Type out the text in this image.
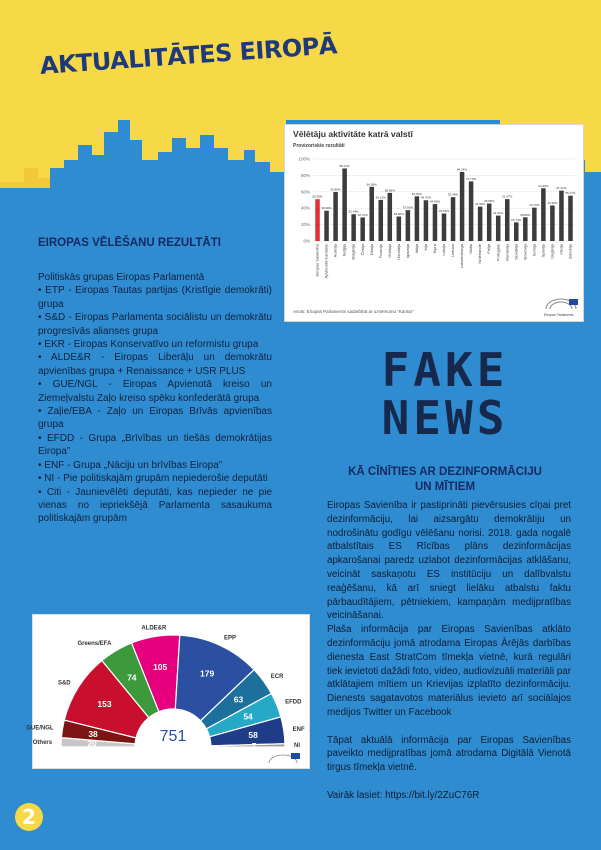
AKTUALITĀTES EIROPĀ
EIROPAS VĒLĒŠANU REZULTĀTI
Politiskās grupas Eiropas Parlamentā
• ETP - Eiropas Tautas partijas (Kristīgie demokrāti) grupa
• S&D - Eiropas Parlamenta sociālistu un demokrātu progresīvās alianses grupa
• EKR - Eiropas Konservatīvo un reformistu grupa
• ALDE&R - Eiropas Liberāļu un demokrātu apvienības grupa + Renaissance + USR PLUS
• GUE/NGL - Eiropas Apvienotā kreiso un Ziemeļvalstu Zaļo kreiso spēku konfederātā grupa
• Zaļie/EBA - Zaļo un Eiropas Brīvās apvienības grupa
• EFDD - Grupa „Brīvības un tiešās demokrātijas Eiropa”
• ENF - Grupa „Nāciju un brīvības Eiropa”
• NI - Pie politiskajām grupām nepiederošie deputāti
• Citi - Jaunievēlēti deputāti, kas nepieder ne pie vienas no iepriekšējā Parlamenta sasaukuma politiskajām grupām
Vēlētāju aktivitāte katrā valstī
Provizoriskie rezultāti
0%
20%
40%
60%
80%
100%
50.95%
Eiropas Savienība
36.90%
Apvienotā Karaliste
59.80%
Austrija
88.47%
Beļģija
32.64%
Bulgārija
28.72%
Čehija
66.08%
Dānija
50.12%
Francija
58.69%
Grieķija
29.86%
Horvātija
37.60%
Igaunija
54.50%
Itālija
49.70%
Īrija
44.99%
Kipra
33.53%
Latvija
53.48%
Lietuva
84.24%
Luksemburga
72.70%
Malta
41.93%
Nīderlande
45.68%
Polija
31.01%
Portugāle
51.07%
Rumānija
22.74%
Slovākija
28.89%
Slovēnija
40.70%
Somija
64.30%
Spānija
43.36%
Ungārija
61.41%
Vācija
55.27%
Zviedrija
Avots: Eiropas Parlaments sadarbībā ar uzņēmumu "Kantar"
Eiropas Parlaments
FAKE
NEWS
KĀ CĪNĪTIES AR DEZINFORMĀCIJU
UN MĪTIEM

Eiropas Savienība ir pastiprināti pievērsusies cīņai pret dezinformāciju, lai aizsargātu demokrātiju un nodrošinātu godīgu vēlēšanu norisi. 2018. gada nogalē atbalstītais ES Rīcības plāns dezinformācijas apkarošanai paredz uzlabot dezinformācijas atklāšanu, veicināt saskaņotu ES institūciju un dalībvalstu reaģēšanu, kā arī sniegt lielāku atbalstu faktu pārbaudītājiem, pētniekiem, kampaņām medijpratības veicināšanai.

Plaša informācija par Eiropas Savienības atklāto dezinformāciju jomā atrodama Eiropas Ārējās darbības dienesta East StratCom tīmekļa vietnē, kurā regulāri tiek ievietoti dažādi foto, video, audiovizuāli materiāli par atklātajiem mītiem un Krievijas izplatīto dezinformāciju. Dienests sagatavotos materiālus ievieto arī sociālajos medijos Twitter un Facebook

Tāpat aktuālā informācija par Eiropas Savienības paveikto medijpratības jomā atrodama Digitālā Vienotā tirgus tīmekļa vietnē.

Vairāk lasiet: https://bit.ly/2ZuC76R

20
Others
38
GUE/NGL
153
S&D
74
Greens/EFA
105
ALDE&R
179
EPP
63
ECR
54
EFDD
58
ENF
7	NI
751
2
